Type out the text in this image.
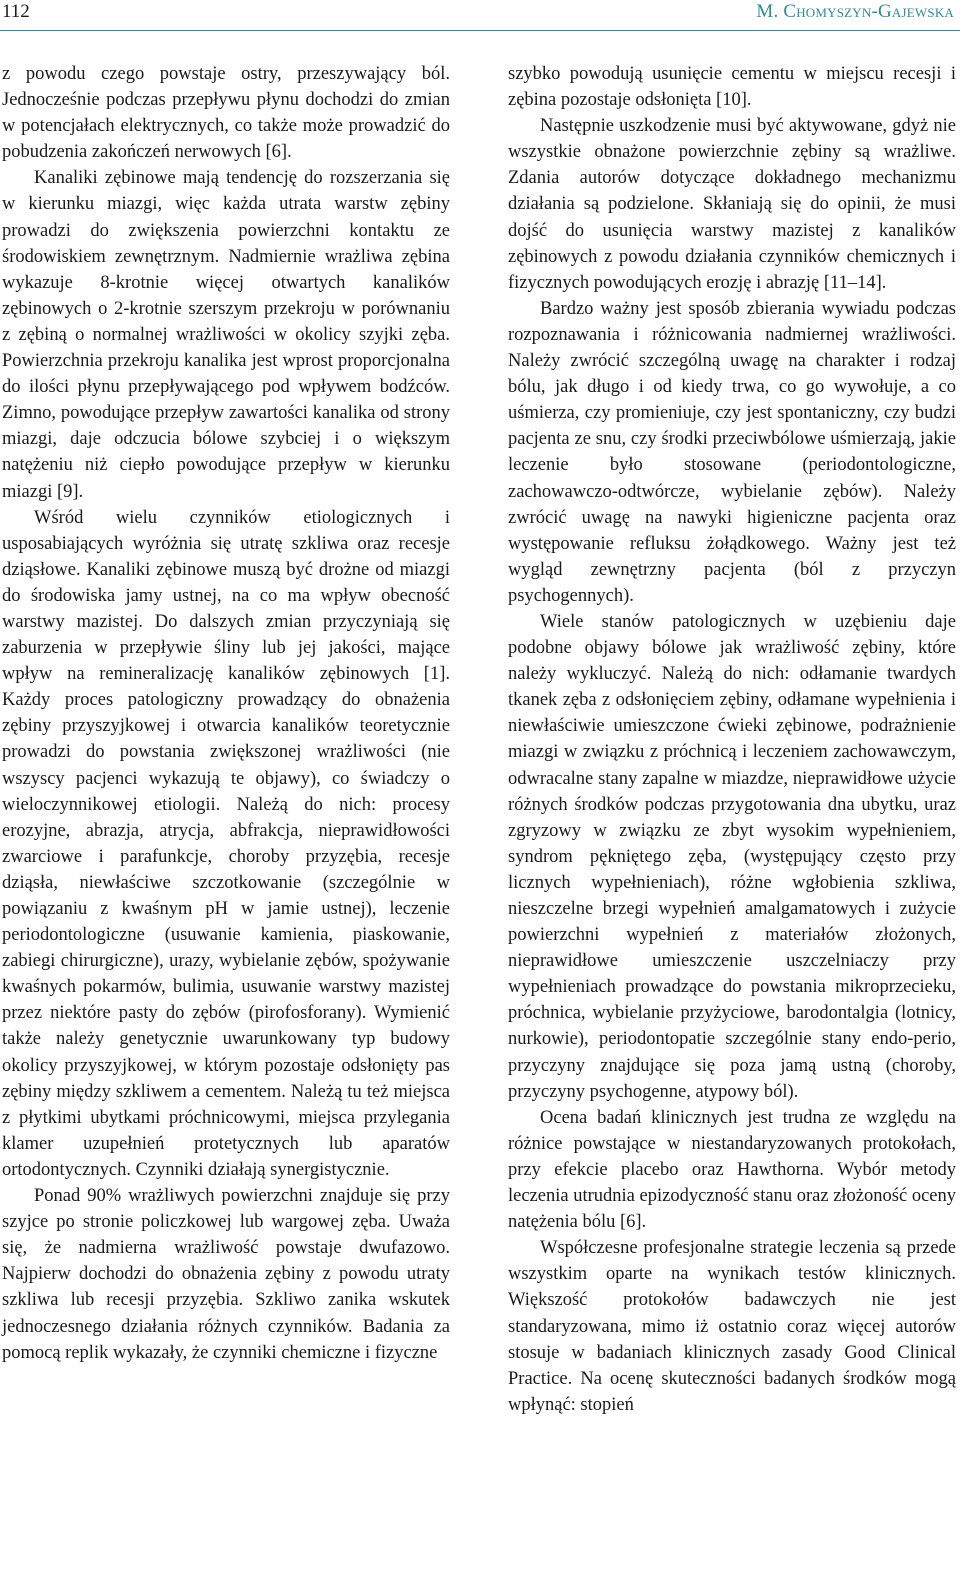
112	M. Chomyszyn-Gajewska

z powodu czego powstaje ostry, przeszywający ból. Jednocześnie podczas przepływu płynu dochodzi do zmian w potencjałach elektrycznych, co także może prowadzić do pobudzenia zakończeń nerwowych [6].

Kanaliki zębinowe mają tendencję do rozszerzania się w kierunku miazgi, więc każda utrata warstw zębiny prowadzi do zwiększenia powierzchni kontaktu ze środowiskiem zewnętrznym. Nadmiernie wrażliwa zębina wykazuje 8-krotnie więcej otwartych kanalików zębinowych o 2-krotnie szerszym przekroju w porównaniu z zębiną o normalnej wrażliwości w okolicy szyjki zęba. Powierzchnia przekroju kanalika jest wprost proporcjonalna do ilości płynu przepływającego pod wpływem bodźców. Zimno, powodujące przepływ zawartości kanalika od strony miazgi, daje odczucia bólowe szybciej i o większym natężeniu niż ciepło powodujące przepływ w kierunku miazgi [9].

Wśród wielu czynników etiologicznych i usposabiających wyróżnia się utratę szkliwa oraz recesje dziąsłowe. Kanaliki zębinowe muszą być drożne od miazgi do środowiska jamy ustnej, na co ma wpływ obecność warstwy mazistej. Do dalszych zmian przyczyniają się zaburzenia w przepływie śliny lub jej jakości, mające wpływ na remineralizację kanalików zębinowych [1]. Każdy proces patologiczny prowadzący do obnażenia zębiny przyszyjkowej i otwarcia kanalików teoretycznie prowadzi do powstania zwiększonej wrażliwości (nie wszyscy pacjenci wykazują te objawy), co świadczy o wieloczynnikowej etiologii. Należą do nich: procesy erozyjne, abrazja, atrycja, abfrakcja, nieprawidłowości zwarciowe i parafunkcje, choroby przyzębia, recesje dziąsła, niewłaściwe szczotkowanie (szczególnie w powiązaniu z kwaśnym pH w jamie ustnej), leczenie periodontologiczne (usuwanie kamienia, piaskowanie, zabiegi chirurgiczne), urazy, wybielanie zębów, spożywanie kwaśnych pokarmów, bulimia, usuwanie warstwy mazistej przez niektóre pasty do zębów (pirofosforany). Wymienić także należy genetycznie uwarunkowany typ budowy okolicy przyszyjkowej, w którym pozostaje odsłonięty pas zębiny między szkliwem a cementem. Należą tu też miejsca z płytkimi ubytkami próchnicowymi, miejsca przylegania klamer uzupełnień protetycznych lub aparatów ortodontycznych. Czynniki działają synergistycznie.

Ponad 90% wrażliwych powierzchni znajduje się przy szyjce po stronie policzkowej lub wargowej zęba. Uważa się, że nadmierna wrażliwość powstaje dwufazowo. Najpierw dochodzi do obnażenia zębiny z powodu utraty szkliwa lub recesji przyzębia. Szkliwo zanika wskutek jednoczesnego działania różnych czynników. Badania za pomocą replik wykazały, że czynniki chemiczne i fizyczne

szybko powodują usunięcie cementu w miejscu recesji i zębina pozostaje odsłonięta [10].

Następnie uszkodzenie musi być aktywowane, gdyż nie wszystkie obnażone powierzchnie zębiny są wrażliwe. Zdania autorów dotyczące dokładnego mechanizmu działania są podzielone. Skłaniają się do opinii, że musi dojść do usunięcia warstwy mazistej z kanalików zębinowych z powodu działania czynników chemicznych i fizycznych powodujących erozję i abrazję [11–14].

Bardzo ważny jest sposób zbierania wywiadu podczas rozpoznawania i różnicowania nadmiernej wrażliwości. Należy zwrócić szczególną uwagę na charakter i rodzaj bólu, jak długo i od kiedy trwa, co go wywołuje, a co uśmierza, czy promieniuje, czy jest spontaniczny, czy budzi pacjenta ze snu, czy środki przeciwbólowe uśmierzają, jakie leczenie było stosowane (periodontologiczne, zachowawczo-odtwórcze, wybielanie zębów). Należy zwrócić uwagę na nawyki higieniczne pacjenta oraz występowanie refluksu żołądkowego. Ważny jest też wygląd zewnętrzny pacjenta (ból z przyczyn psychogennych).

Wiele stanów patologicznych w uzębieniu daje podobne objawy bólowe jak wrażliwość zębiny, które należy wykluczyć. Należą do nich: odłamanie twardych tkanek zęba z odsłonięciem zębiny, odłamane wypełnienia i niewłaściwie umieszczone ćwieki zębinowe, podrażnienie miazgi w związku z próchnicą i leczeniem zachowawczym, odwracalne stany zapalne w miazdze, nieprawidłowe użycie różnych środków podczas przygotowania dna ubytku, uraz zgryzowy w związku ze zbyt wysokim wypełnieniem, syndrom pękniętego zęba, (występujący często przy licznych wypełnieniach), różne wgłobienia szkliwa, nieszczelne brzegi wypełnień amalgamatowych i zużycie powierzchni wypełnień z materiałów złożonych, nieprawidłowe umieszczenie uszczelniaczy przy wypełnieniach prowadzące do powstania mikroprzecieku, próchnica, wybielanie przyżyciowe, barodontalgia (lotnicy, nurkowie), periodontopatie szczególnie stany endo-perio, przyczyny znajdujące się poza jamą ustną (choroby, przyczyny psychogenne, atypowy ból).

Ocena badań klinicznych jest trudna ze względu na różnice powstające w niestandaryzowanych protokołach, przy efekcie placebo oraz Hawthorna. Wybór metody leczenia utrudnia epizodyczność stanu oraz złożoność oceny natężenia bólu [6].

Współczesne profesjonalne strategie leczenia są przede wszystkim oparte na wynikach testów klinicznych. Większość protokołów badawczych nie jest standaryzowana, mimo iż ostatnio coraz więcej autorów stosuje w badaniach klinicznych zasady Good Clinical Practice. Na ocenę skuteczności badanych środków mogą wpłynąć: stopień
